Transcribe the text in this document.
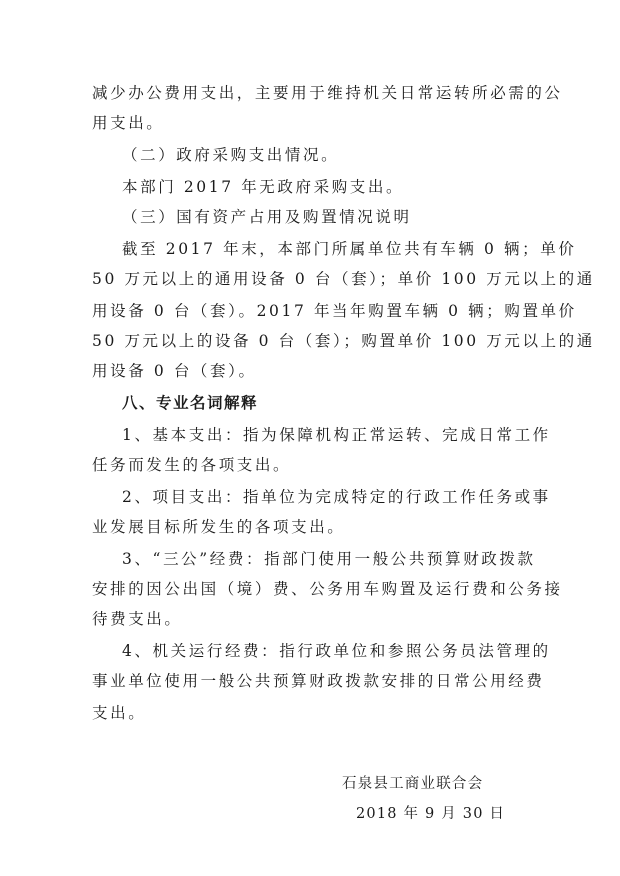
减少办公费用支出，主要用于维持机关日常运转所必需的公
用支出。
（二）政府采购支出情况。
本部门 2017 年无政府采购支出。
（三）国有资产占用及购置情况说明
截至 2017 年末，本部门所属单位共有车辆 0 辆；单价
50 万元以上的通用设备 0 台（套）；单价 100 万元以上的通
用设备 0 台（套）。2017 年当年购置车辆 0 辆；购置单价
50 万元以上的设备 0 台（套）；购置单价 100 万元以上的通
用设备 0 台（套）。
八、专业名词解释
1、基本支出：指为保障机构正常运转、完成日常工作
任务而发生的各项支出。
2、项目支出：指单位为完成特定的行政工作任务或事
业发展目标所发生的各项支出。
3、“三公”经费：指部门使用一般公共预算财政拨款
安排的因公出国（境）费、公务用车购置及运行费和公务接
待费支出。
4、机关运行经费：指行政单位和参照公务员法管理的
事业单位使用一般公共预算财政拨款安排的日常公用经费
支出。
石泉县工商业联合会
2018 年 9 月 30 日
